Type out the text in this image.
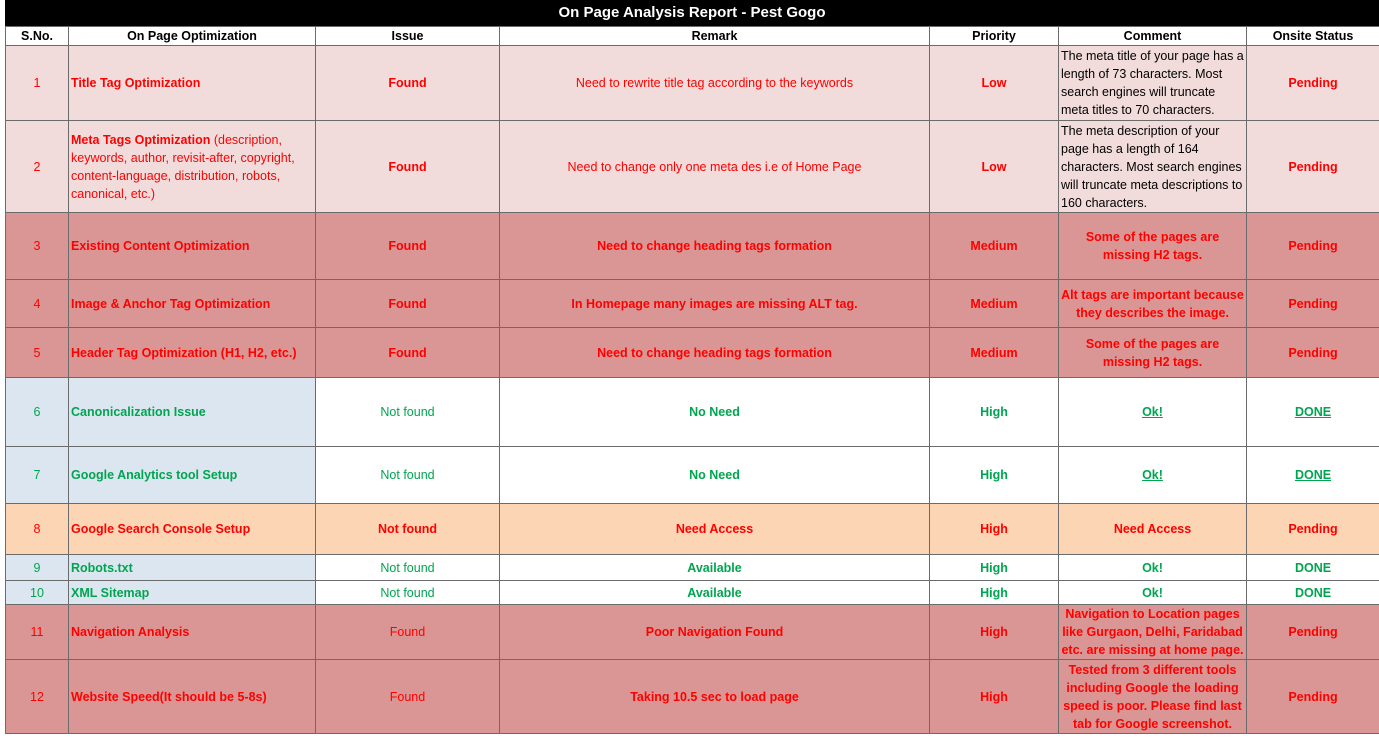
On Page Analysis Report - Pest Gogo
S.No.	On Page Optimization	Issue	Remark	Priority	Comment	Onsite Status
1	Title Tag Optimization	Found	Need to rewrite title tag according to the keywords	Low	The meta title of your page has a length of 73 characters. Most search engines will truncate meta titles to 70 characters.	Pending
2	Meta Tags Optimization (description, keywords, author, revisit-after, copyright, content-language, distribution, robots, canonical, etc.)	Found	Need to change only one meta des i.e of Home Page	Low	The meta description of your page has a length of 164 characters. Most search engines will truncate meta descriptions to 160 characters.	Pending
3	Existing Content Optimization	Found	Need to change heading tags formation	Medium	Some of the pages are missing H2 tags.	Pending
4	Image & Anchor Tag Optimization	Found	In Homepage many images are missing ALT tag.	Medium	Alt tags are important because they describes the image.	Pending
5	Header Tag Optimization (H1, H2, etc.)	Found	Need to change heading tags formation	Medium	Some of the pages are missing H2 tags.	Pending
6	Canonicalization Issue	Not found	No Need	High	Ok!	DONE
7	Google Analytics tool Setup	Not found	No Need	High	Ok!	DONE
8	Google Search Console Setup	Not found	Need Access	High	Need Access	Pending
9	Robots.txt	Not found	Available	High	Ok!	DONE
10	XML Sitemap	Not found	Available	High	Ok!	DONE
11	Navigation Analysis	Found	Poor Navigation Found	High	Navigation to Location pages like Gurgaon, Delhi, Faridabad etc. are missing at home page.	Pending
12	Website Speed(It should be 5-8s)	Found	Taking 10.5 sec to load page	High	Tested from 3 different tools including Google the loading speed is poor. Please find last tab for Google screenshot.	Pending
